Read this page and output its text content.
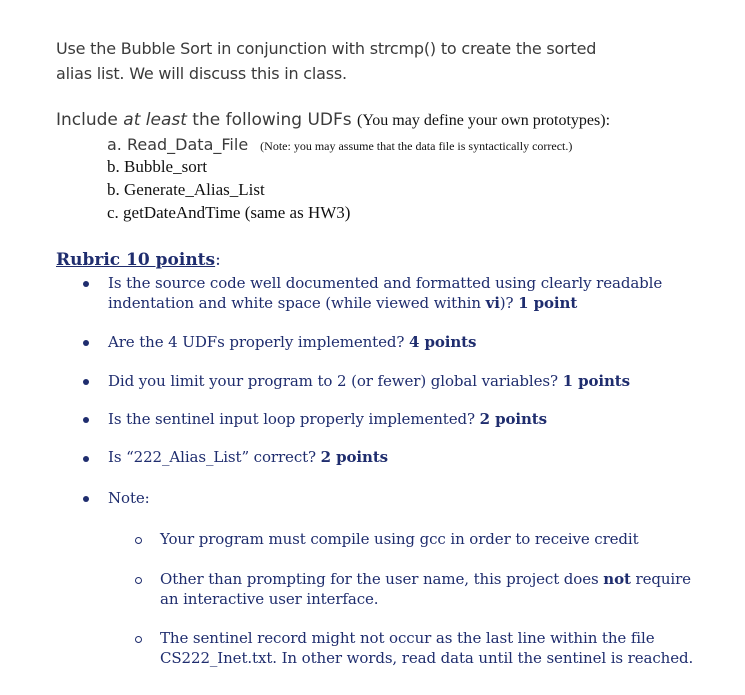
Use the Bubble Sort in conjunction with strcmp() to create the sorted
alias list. We will discuss this in class.
Include at least the following UDFs (You may define your own prototypes):
a. Read_Data_File (Note: you may assume that the data file is syntactically correct.)
b. Bubble_sort
b. Generate_Alias_List
c. getDateAndTime (same as HW3)
Rubric 10 points:
Is the source code well documented and formatted using clearly readable
indentation and white space (while viewed within vi)? 1 point
Are the 4 UDFs properly implemented? 4 points
Did you limit your program to 2 (or fewer) global variables? 1 points
Is the sentinel input loop properly implemented? 2 points
Is “222_Alias_List” correct? 2 points
Note:
Your program must compile using gcc in order to receive credit
Other than prompting for the user name, this project does not require
an interactive user interface.
The sentinel record might not occur as the last line within the file
CS222_Inet.txt. In other words, read data until the sentinel is reached.
